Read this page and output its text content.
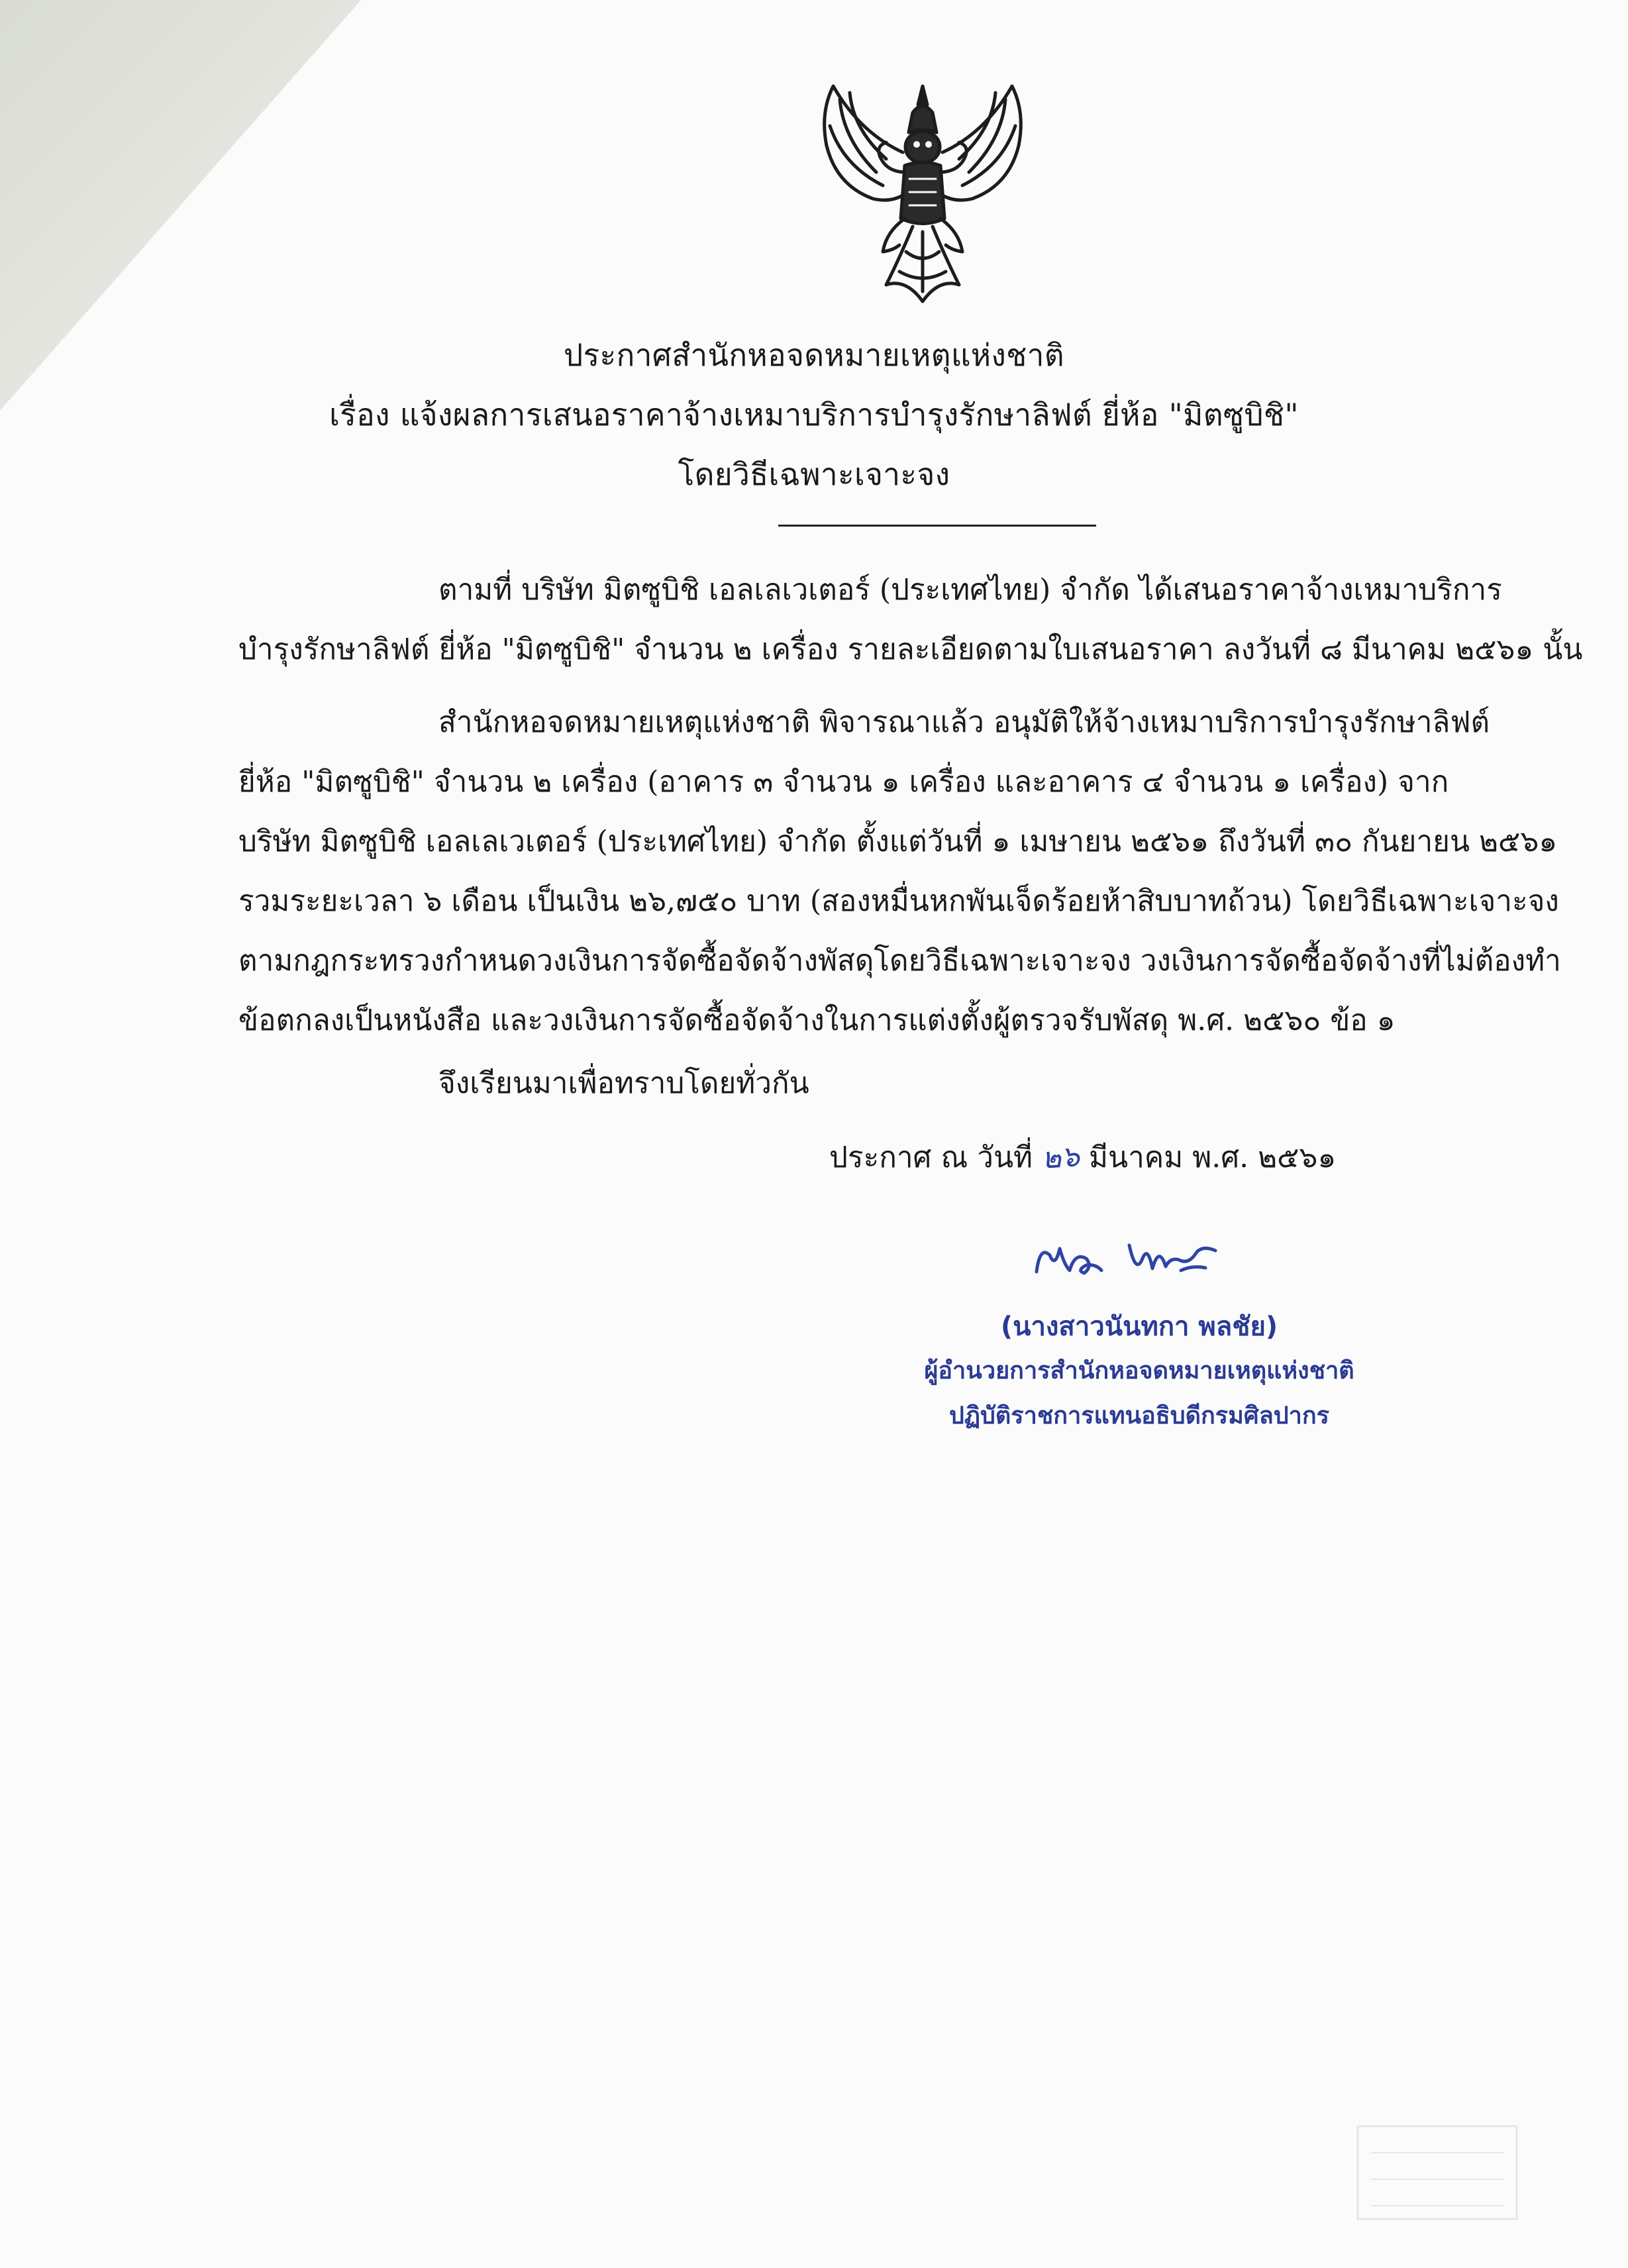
ประกาศสำนักหอจดหมายเหตุแห่งชาติ
เรื่อง แจ้งผลการเสนอราคาจ้างเหมาบริการบำรุงรักษาลิฟต์ ยี่ห้อ "มิตซูบิชิ"
โดยวิธีเฉพาะเจาะจง
ตามที่ บริษัท มิตซูบิชิ เอลเลเวเตอร์ (ประเทศไทย) จำกัด ได้เสนอราคาจ้างเหมาบริการ
บำรุงรักษาลิฟต์ ยี่ห้อ "มิตซูบิชิ" จำนวน ๒ เครื่อง รายละเอียดตามใบเสนอราคา ลงวันที่ ๘ มีนาคม ๒๕๖๑ นั้น
สำนักหอจดหมายเหตุแห่งชาติ พิจารณาแล้ว อนุมัติให้จ้างเหมาบริการบำรุงรักษาลิฟต์
ยี่ห้อ "มิตซูบิชิ" จำนวน ๒ เครื่อง (อาคาร ๓ จำนวน ๑ เครื่อง และอาคาร ๔ จำนวน ๑ เครื่อง) จาก
บริษัท มิตซูบิชิ เอลเลเวเตอร์ (ประเทศไทย) จำกัด ตั้งแต่วันที่ ๑ เมษายน ๒๕๖๑ ถึงวันที่ ๓๐ กันยายน ๒๕๖๑
รวมระยะเวลา ๖ เดือน เป็นเงิน ๒๖,๗๕๐ บาท (สองหมื่นหกพันเจ็ดร้อยห้าสิบบาทถ้วน) โดยวิธีเฉพาะเจาะจง
ตามกฎกระทรวงกำหนดวงเงินการจัดซื้อจัดจ้างพัสดุโดยวิธีเฉพาะเจาะจง วงเงินการจัดซื้อจัดจ้างที่ไม่ต้องทำ
ข้อตกลงเป็นหนังสือ และวงเงินการจัดซื้อจัดจ้างในการแต่งตั้งผู้ตรวจรับพัสดุ พ.ศ. ๒๕๖๐ ข้อ ๑
จึงเรียนมาเพื่อทราบโดยทั่วกัน
ประกาศ ณ วันที่ ๒๖ มีนาคม พ.ศ. ๒๕๖๑
(นางสาวนันทกา พลชัย)
ผู้อำนวยการสำนักหอจดหมายเหตุแห่งชาติ
ปฏิบัติราชการแทนอธิบดีกรมศิลปากร
